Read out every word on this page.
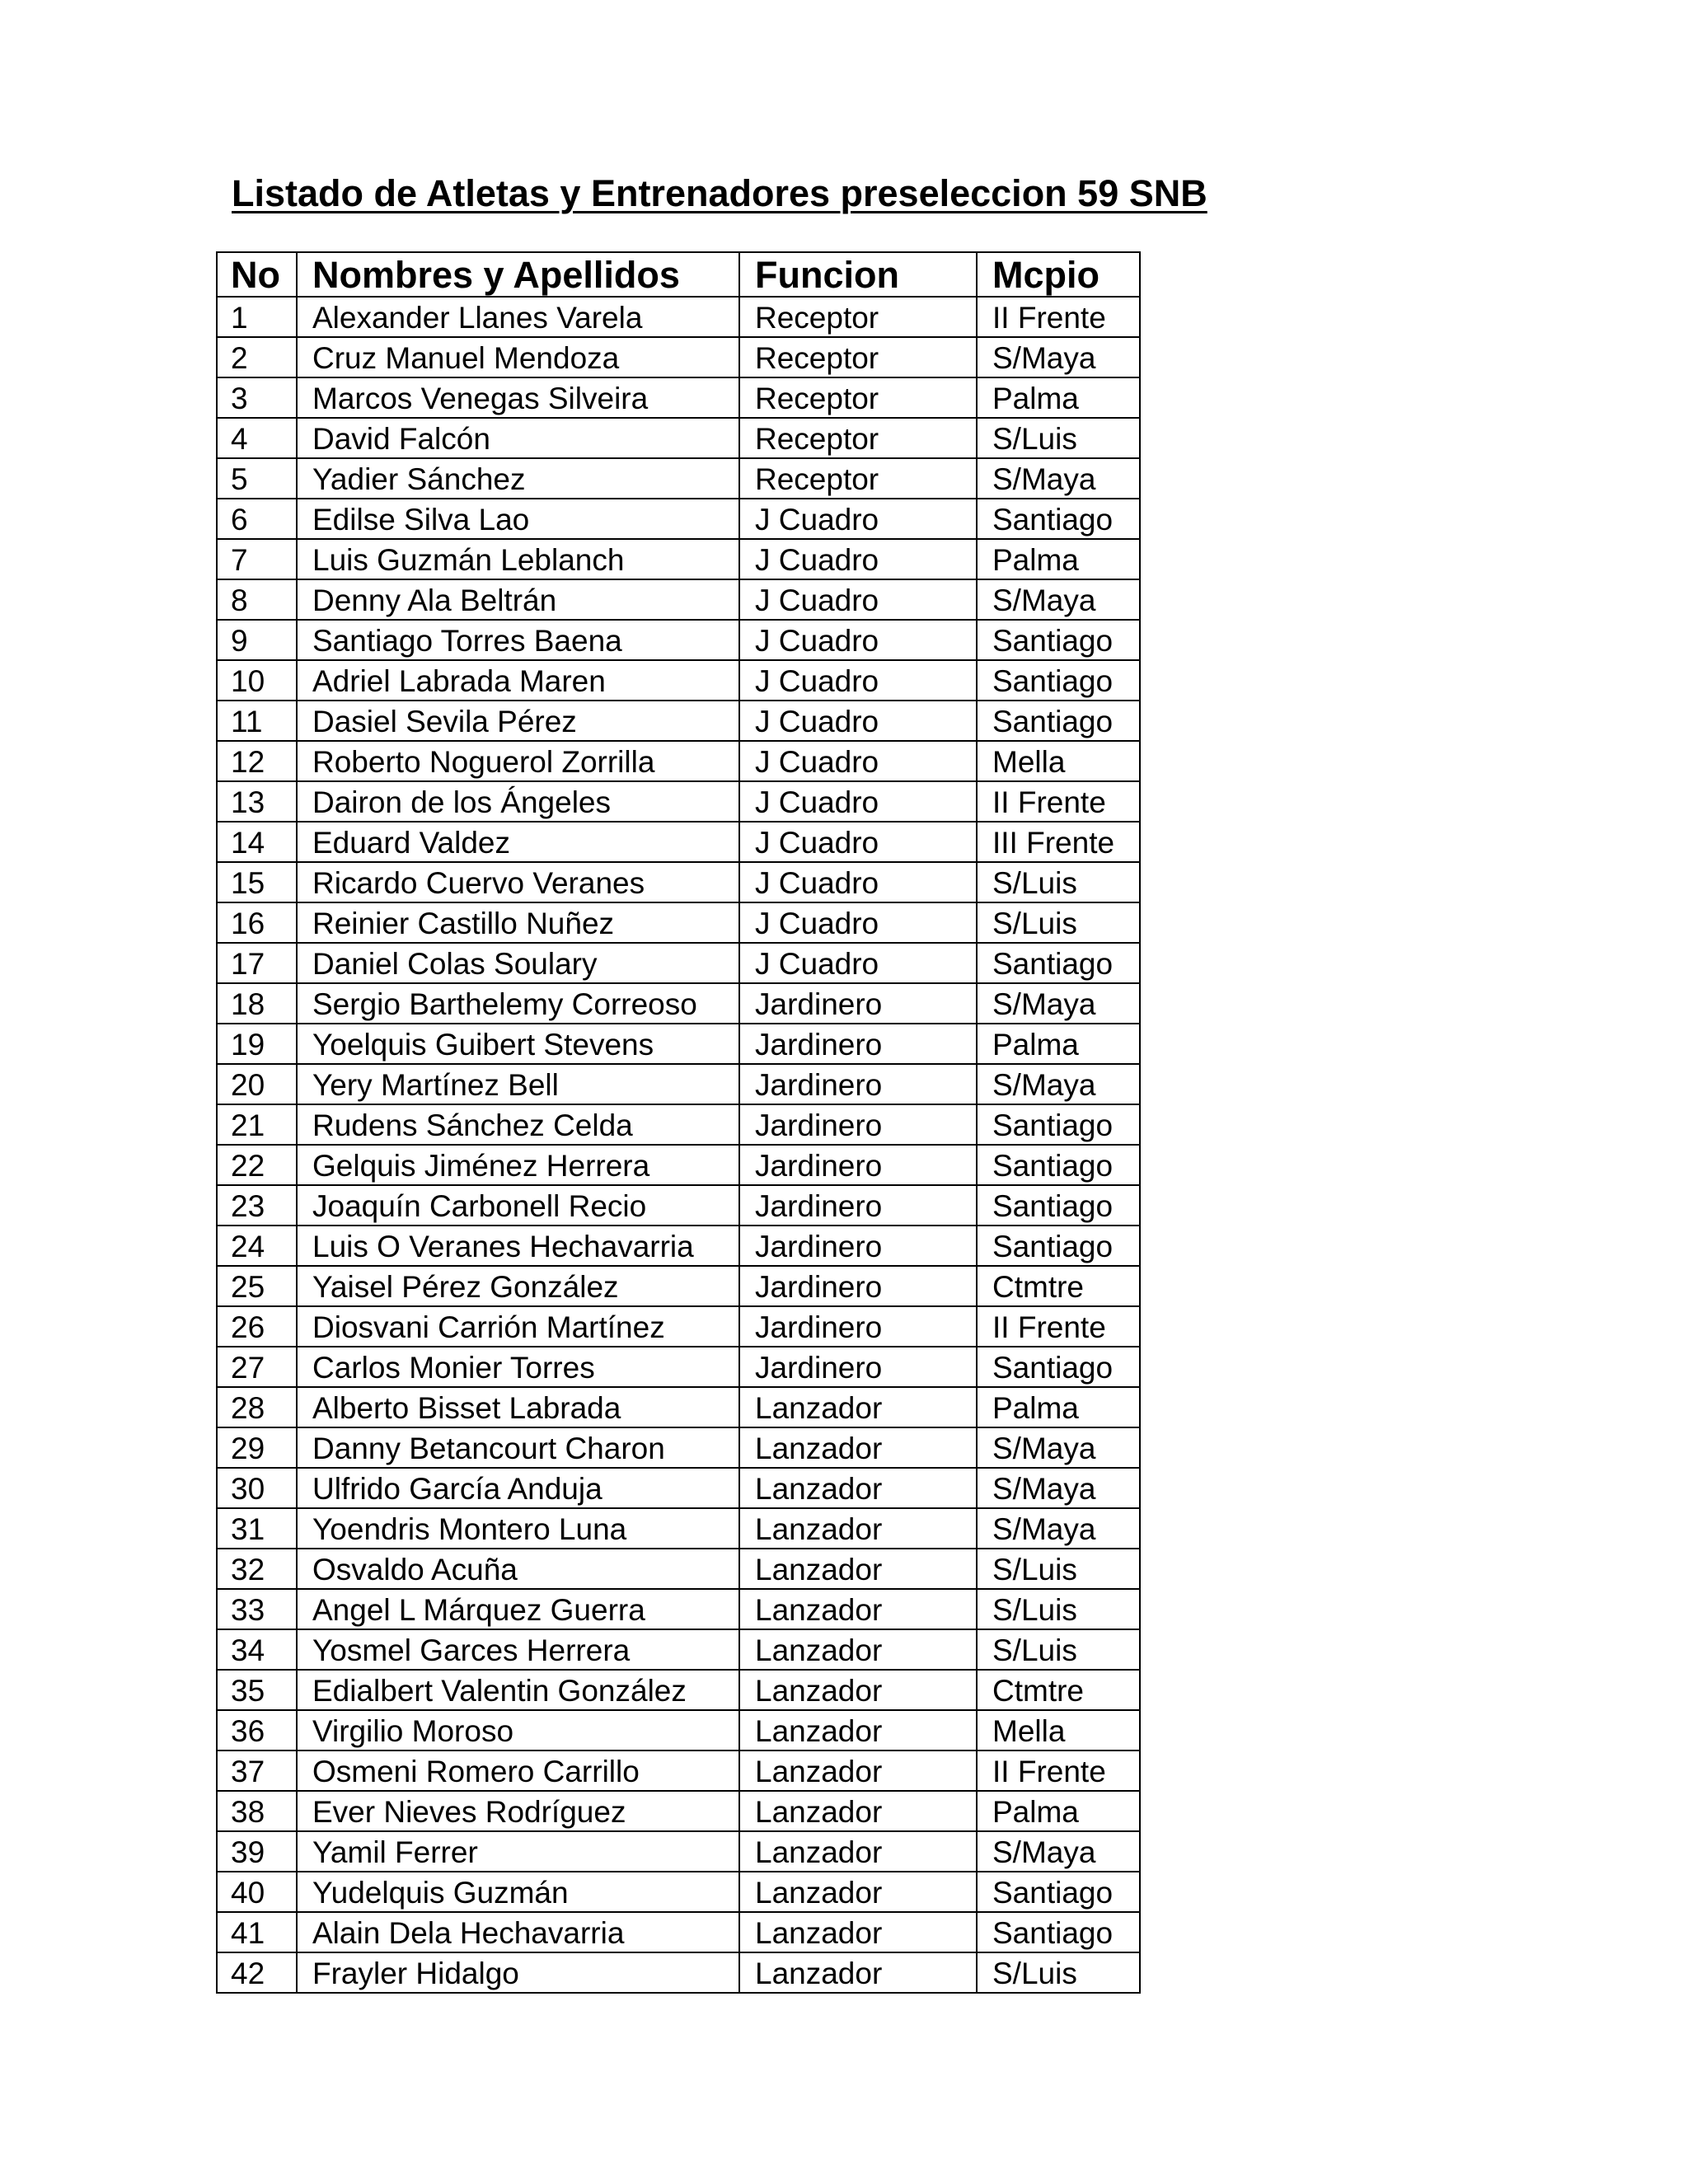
Listado de Atletas y Entrenadores preseleccion 59 SNB
No	Nombres y Apellidos	Funcion	Mcpio
1	Alexander Llanes Varela	Receptor	II Frente
2	Cruz Manuel Mendoza	Receptor	S/Maya
3	Marcos Venegas Silveira	Receptor	Palma
4	David Falcón	Receptor	S/Luis
5	Yadier Sánchez	Receptor	S/Maya
6	Edilse Silva Lao	J Cuadro	Santiago
7	Luis Guzmán Leblanch	J Cuadro	Palma
8	Denny Ala Beltrán	J Cuadro	S/Maya
9	Santiago Torres Baena	J Cuadro	Santiago
10	Adriel Labrada Maren	J Cuadro	Santiago
11	Dasiel Sevila Pérez	J Cuadro	Santiago
12	Roberto Noguerol Zorrilla	J Cuadro	Mella
13	Dairon de los Ángeles	J Cuadro	II Frente
14	Eduard Valdez	J Cuadro	III Frente
15	Ricardo Cuervo Veranes	J Cuadro	S/Luis
16	Reinier Castillo Nuñez	J Cuadro	S/Luis
17	Daniel Colas Soulary	J Cuadro	Santiago
18	Sergio Barthelemy Correoso	Jardinero	S/Maya
19	Yoelquis Guibert Stevens	Jardinero	Palma
20	Yery Martínez Bell	Jardinero	S/Maya
21	Rudens Sánchez Celda	Jardinero	Santiago
22	Gelquis Jiménez Herrera	Jardinero	Santiago
23	Joaquín Carbonell Recio	Jardinero	Santiago
24	Luis O Veranes Hechavarria	Jardinero	Santiago
25	Yaisel Pérez González	Jardinero	Ctmtre
26	Diosvani Carrión Martínez	Jardinero	II Frente
27	Carlos Monier Torres	Jardinero	Santiago
28	Alberto Bisset Labrada	Lanzador	Palma
29	Danny Betancourt Charon	Lanzador	S/Maya
30	Ulfrido García Anduja	Lanzador	S/Maya
31	Yoendris Montero Luna	Lanzador	S/Maya
32	Osvaldo Acuña	Lanzador	S/Luis
33	Angel L Márquez Guerra	Lanzador	S/Luis
34	Yosmel Garces Herrera	Lanzador	S/Luis
35	Edialbert Valentin González	Lanzador	Ctmtre
36	Virgilio Moroso	Lanzador	Mella
37	Osmeni Romero Carrillo	Lanzador	II Frente
38	Ever Nieves Rodríguez	Lanzador	Palma
39	Yamil Ferrer	Lanzador	S/Maya
40	Yudelquis Guzmán	Lanzador	Santiago
41	Alain Dela Hechavarria	Lanzador	Santiago
42	Frayler Hidalgo	Lanzador	S/Luis
